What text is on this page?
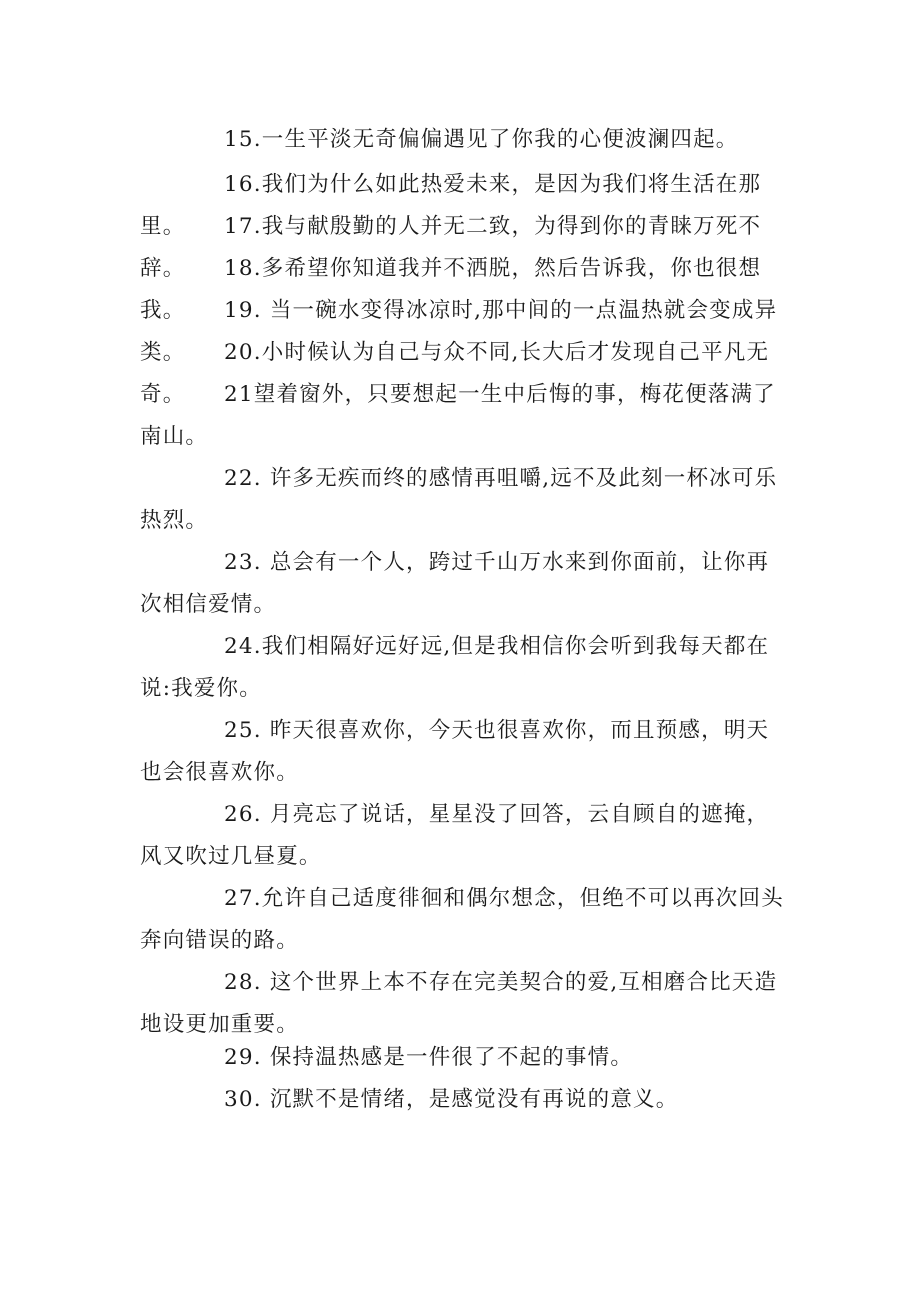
15.一生平淡无奇偏偏遇见了你我的心便波澜四起。
16.我们为什么如此热爱未来，是因为我们将生活在那里。	17.我与献殷勤的人并无二致，为得到你的青睐万死不辞。	18.多希望你知道我并不洒脱，然后告诉我，你也很想我。	19. 当一碗水变得冰凉时,那中间的一点温热就会变成异类。	20.小时候认为自己与众不同,长大后才发现自己平凡无奇。	21望着窗外，只要想起一生中后悔的事，梅花便落满了南山。
22. 许多无疾而终的感情再咀嚼,远不及此刻一杯冰可乐热烈。
23. 总会有一个人，跨过千山万水来到你面前，让你再次相信爱情。
24.我们相隔好远好远,但是我相信你会听到我每天都在说:我爱你。
25. 昨天很喜欢你，今天也很喜欢你，而且预感，明天也会很喜欢你。
26. 月亮忘了说话，星星没了回答，云自顾自的遮掩，风又吹过几昼夏。
27.允许自己适度徘徊和偶尔想念，但绝不可以再次回头奔向错误的路。
28. 这个世界上本不存在完美契合的爱,互相磨合比天造地设更加重要。
29. 保持温热感是一件很了不起的事情。
30. 沉默不是情绪，是感觉没有再说的意义。
